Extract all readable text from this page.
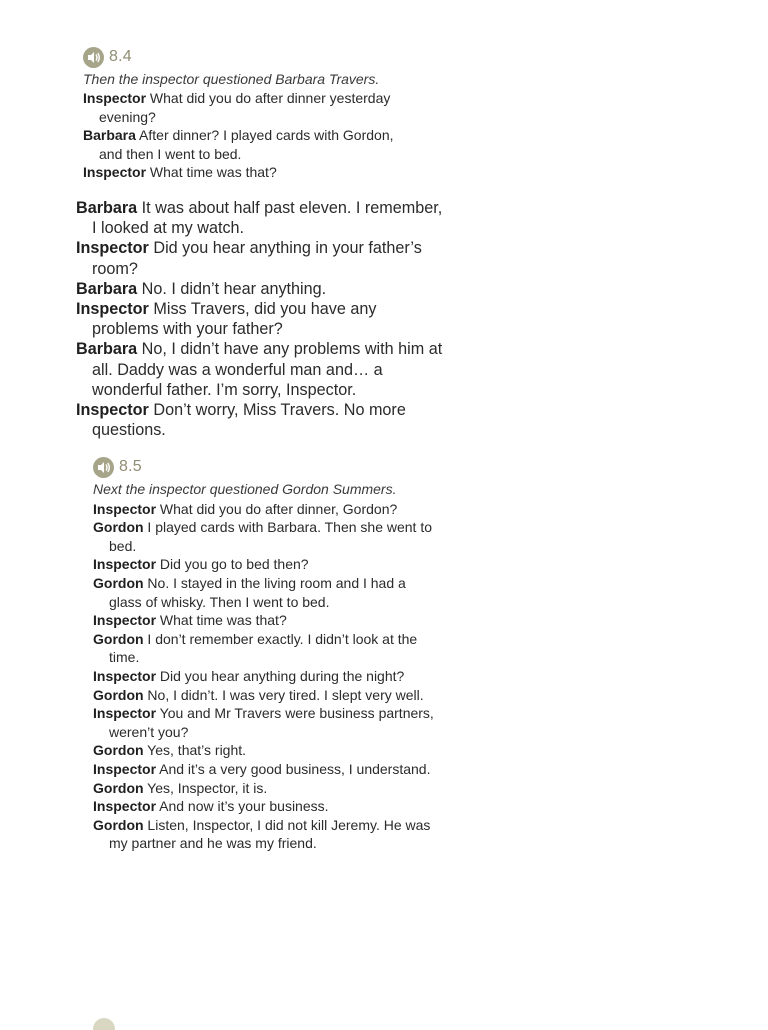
8.4
Then the inspector questioned Barbara Travers.
Inspector What did you do after dinner yesterday evening?
Barbara After dinner? I played cards with Gordon, and then I went to bed.
Inspector What time was that?
Barbara It was about half past eleven. I remember, I looked at my watch.
Inspector Did you hear anything in your father’s room?
Barbara No. I didn’t hear anything.
Inspector Miss Travers, did you have any problems with your father?
Barbara No, I didn’t have any problems with him at all. Daddy was a wonderful man and… a wonderful father. I’m sorry, Inspector.
Inspector Don’t worry, Miss Travers. No more questions.
8.5
Next the inspector questioned Gordon Summers.
Inspector What did you do after dinner, Gordon?
Gordon I played cards with Barbara. Then she went to bed.
Inspector Did you go to bed then?
Gordon No. I stayed in the living room and I had a glass of whisky. Then I went to bed.
Inspector What time was that?
Gordon I don’t remember exactly. I didn’t look at the time.
Inspector Did you hear anything during the night?
Gordon No, I didn’t. I was very tired. I slept very well.
Inspector You and Mr Travers were business partners, weren’t you?
Gordon Yes, that’s right.
Inspector And it’s a very good business, I understand.
Gordon Yes, Inspector, it is.
Inspector And now it’s your business.
Gordon Listen, Inspector, I did not kill Jeremy. He was my partner and he was my friend.
